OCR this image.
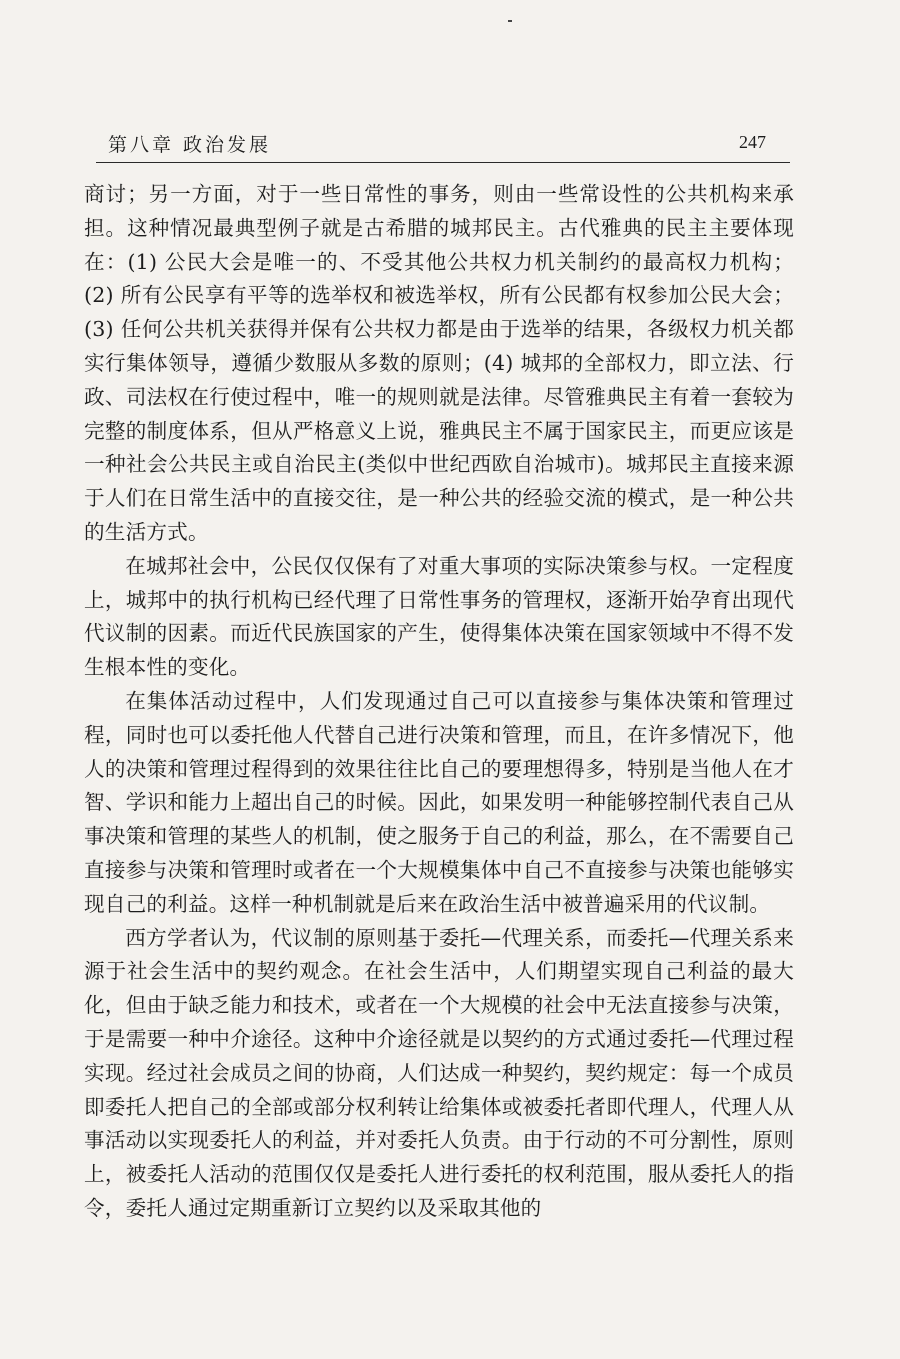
第八章 政治发展	247

商讨；另一方面，对于一些日常性的事务，则由一些常设性的公共机构来承担。这种情况最典型例子就是古希腊的城邦民主。古代雅典的民主主要体现在：(1) 公民大会是唯一的、不受其他公共权力机关制约的最高权力机构；(2) 所有公民享有平等的选举权和被选举权，所有公民都有权参加公民大会；(3) 任何公共机关获得并保有公共权力都是由于选举的结果，各级权力机关都实行集体领导，遵循少数服从多数的原则；(4) 城邦的全部权力，即立法、行政、司法权在行使过程中，唯一的规则就是法律。尽管雅典民主有着一套较为完整的制度体系，但从严格意义上说，雅典民主不属于国家民主，而更应该是一种社会公共民主或自治民主(类似中世纪西欧自治城市)。城邦民主直接来源于人们在日常生活中的直接交往，是一种公共的经验交流的模式，是一种公共的生活方式。

在城邦社会中，公民仅仅保有了对重大事项的实际决策参与权。一定程度上，城邦中的执行机构已经代理了日常性事务的管理权，逐渐开始孕育出现代代议制的因素。而近代民族国家的产生，使得集体决策在国家领域中不得不发生根本性的变化。

在集体活动过程中，人们发现通过自己可以直接参与集体决策和管理过程，同时也可以委托他人代替自己进行决策和管理，而且，在许多情况下，他人的决策和管理过程得到的效果往往比自己的要理想得多，特别是当他人在才智、学识和能力上超出自己的时候。因此，如果发明一种能够控制代表自己从事决策和管理的某些人的机制，使之服务于自己的利益，那么，在不需要自己直接参与决策和管理时或者在一个大规模集体中自己不直接参与决策也能够实现自己的利益。这样一种机制就是后来在政治生活中被普遍采用的代议制。

西方学者认为，代议制的原则基于委托—代理关系，而委托—代理关系来源于社会生活中的契约观念。在社会生活中，人们期望实现自己利益的最大化，但由于缺乏能力和技术，或者在一个大规模的社会中无法直接参与决策，于是需要一种中介途径。这种中介途径就是以契约的方式通过委托—代理过程实现。经过社会成员之间的协商，人们达成一种契约，契约规定：每一个成员即委托人把自己的全部或部分权利转让给集体或被委托者即代理人，代理人从事活动以实现委托人的利益，并对委托人负责。由于行动的不可分割性，原则上，被委托人活动的范围仅仅是委托人进行委托的权利范围，服从委托人的指令，委托人通过定期重新订立契约以及采取其他的
